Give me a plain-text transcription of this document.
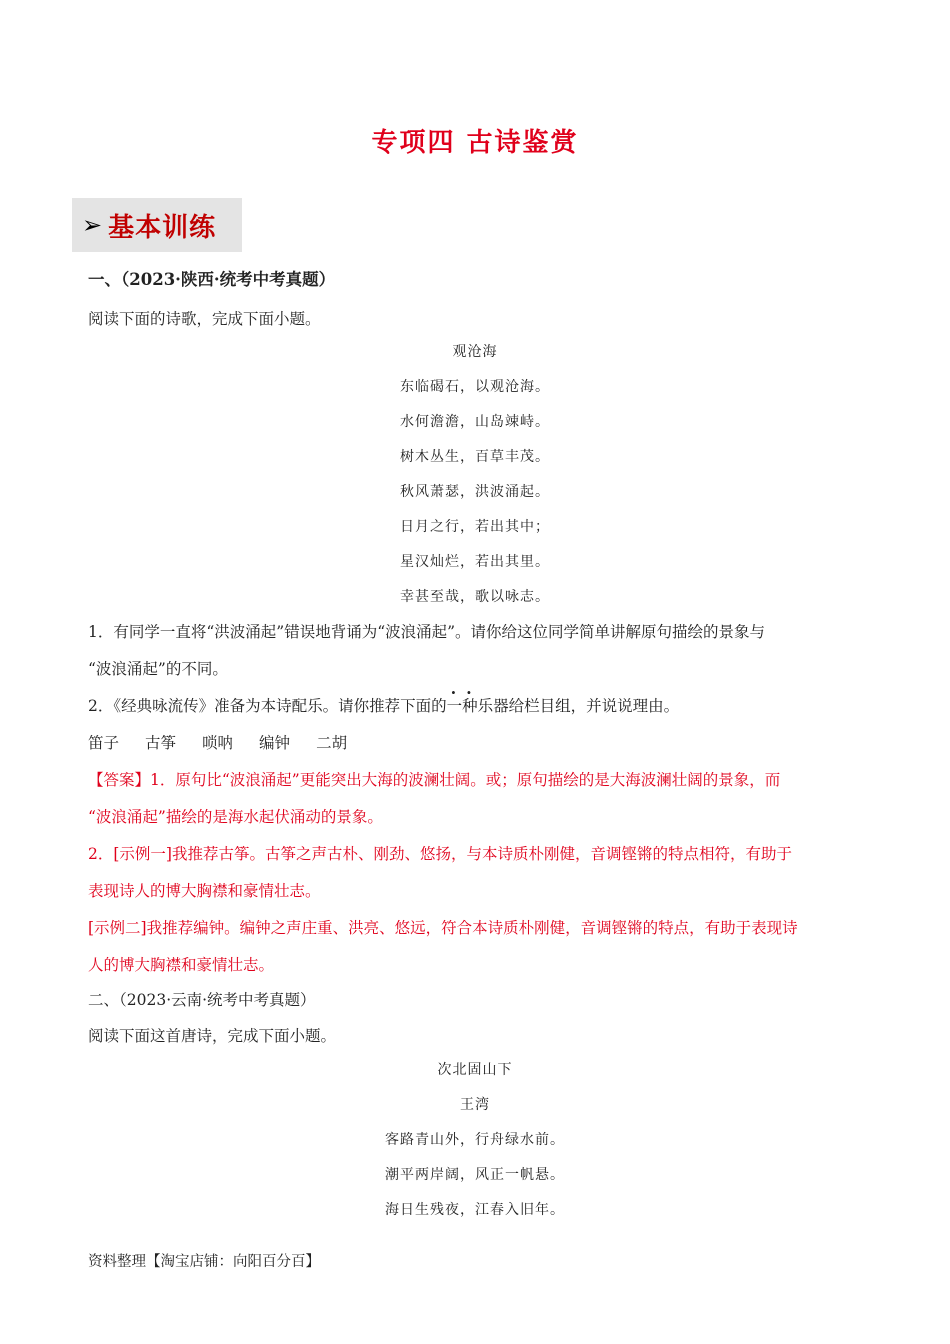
专项四 古诗鉴赏
➢ 基本训练
一、（2023·陕西·统考中考真题）
阅读下面的诗歌，完成下面小题。
观沧海
东临碣石，以观沧海。
水何澹澹，山岛竦峙。
树木丛生，百草丰茂。
秋风萧瑟，洪波涌起。
日月之行，若出其中；
星汉灿烂，若出其里。
幸甚至哉，歌以咏志。
1．有同学一直将“洪波涌起”错误地背诵为“波浪涌起”。请你给这位同学简单讲解原句描绘的景象与
“波浪涌起”的不同。
2．《经典咏流传》准备为本诗配乐。请你推荐下面的一种乐器给栏目组，并说说理由。
笛子 古筝 唢呐 编钟 二胡
【答案】1．原句比“波浪涌起”更能突出大海的波澜壮阔。或；原句描绘的是大海波澜壮阔的景象，而
“波浪涌起”描绘的是海水起伏涌动的景象。
2．[示例一]我推荐古筝。古筝之声古朴、刚劲、悠扬，与本诗质朴刚健，音调铿锵的特点相符，有助于
表现诗人的博大胸襟和豪情壮志。
[示例二]我推荐编钟。编钟之声庄重、洪亮、悠远，符合本诗质朴刚健，音调铿锵的特点，有助于表现诗
人的博大胸襟和豪情壮志。
二、（2023·云南·统考中考真题）
阅读下面这首唐诗，完成下面小题。
次北固山下
王湾
客路青山外，行舟绿水前。
潮平两岸阔，风正一帆悬。
海日生残夜，江春入旧年。
资料整理【淘宝店铺：向阳百分百】
